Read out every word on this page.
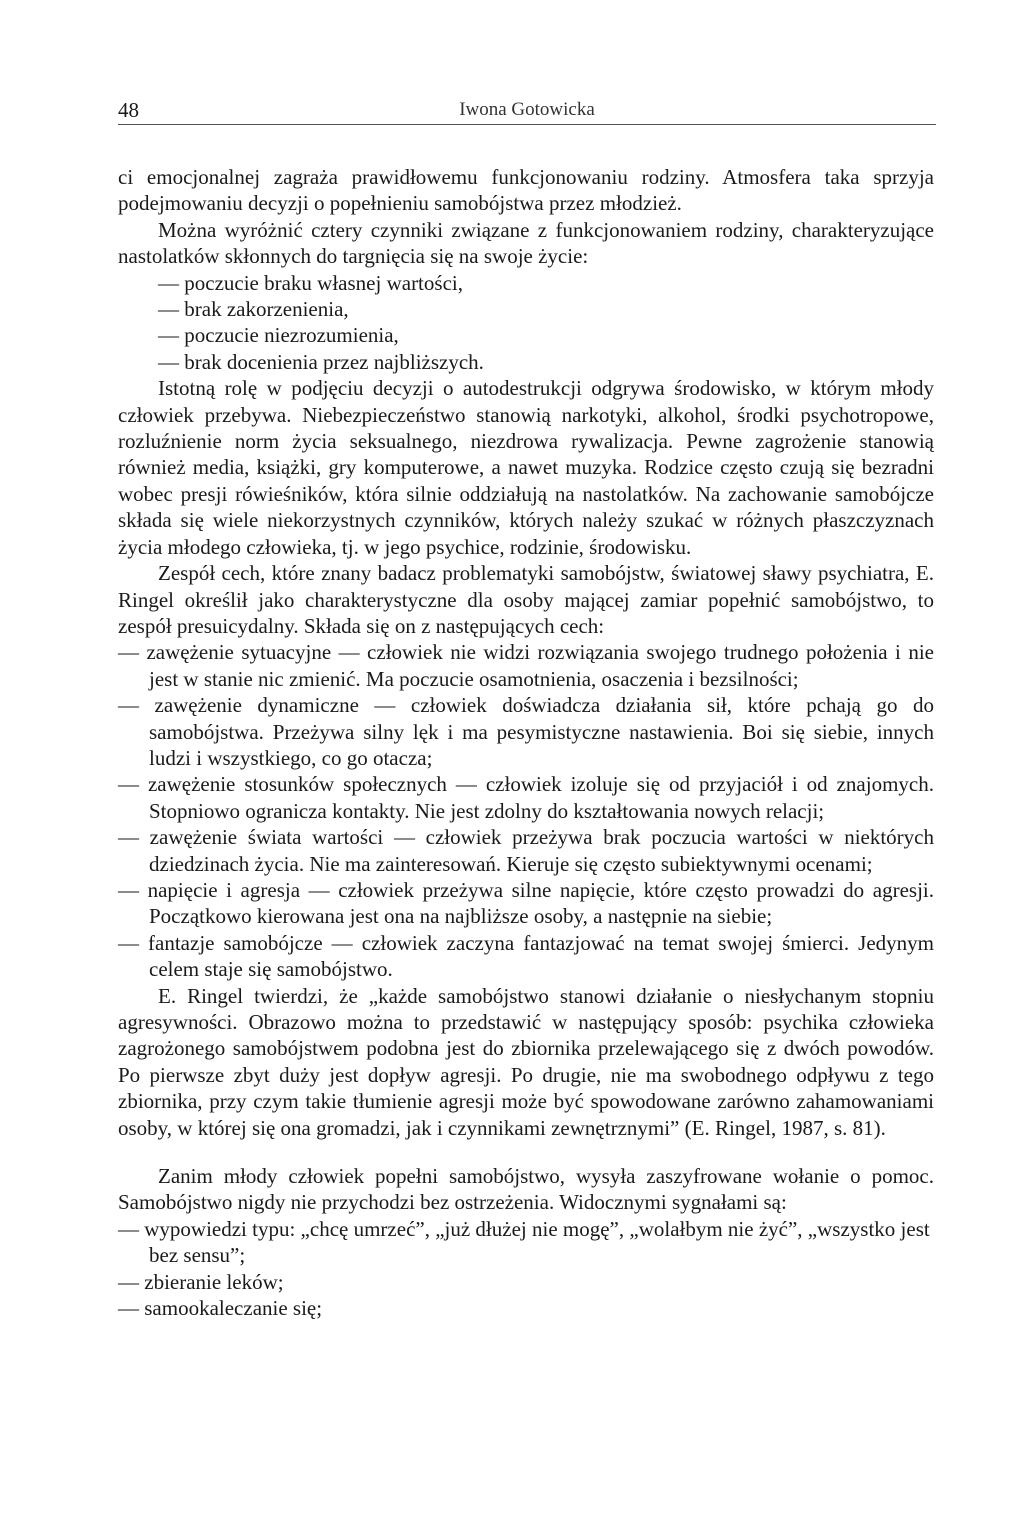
48	Iwona Gotowicka

ci emocjonalnej zagraża prawidłowemu funkcjonowaniu rodziny. Atmosfera taka sprzyja podejmowaniu decyzji o popełnieniu samobójstwa przez młodzież.

Można wyróżnić cztery czynniki związane z funkcjonowaniem rodziny, charakteryzujące nastolatków skłonnych do targnięcia się na swoje życie:

— poczucie braku własnej wartości,
— brak zakorzenienia,
— poczucie niezrozumienia,
— brak docenienia przez najbliższych.

Istotną rolę w podjęciu decyzji o autodestrukcji odgrywa środowisko, w którym młody człowiek przebywa. Niebezpieczeństwo stanowią narkotyki, alkohol, środki psychotropowe, rozluźnienie norm życia seksualnego, niezdrowa rywalizacja. Pewne zagrożenie stanowią również media, książki, gry komputerowe, a nawet muzyka. Rodzice często czują się bezradni wobec presji rówieśników, która silnie oddziałują na nastolatków. Na zachowanie samobójcze składa się wiele niekorzystnych czynników, których należy szukać w różnych płaszczyznach życia młodego człowieka, tj. w jego psychice, rodzinie, środowisku.

Zespół cech, które znany badacz problematyki samobójstw, światowej sławy psychiatra, E. Ringel określił jako charakterystyczne dla osoby mającej zamiar popełnić samobójstwo, to zespół presuicydalny. Składa się on z następujących cech:

— zawężenie sytuacyjne — człowiek nie widzi rozwiązania swojego trudnego położenia i nie jest w stanie nic zmienić. Ma poczucie osamotnienia, osaczenia i bezsilności;
— zawężenie dynamiczne — człowiek doświadcza działania sił, które pchają go do samobójstwa. Przeżywa silny lęk i ma pesymistyczne nastawienia. Boi się siebie, innych ludzi i wszystkiego, co go otacza;
— zawężenie stosunków społecznych — człowiek izoluje się od przyjaciół i od znajomych. Stopniowo ogranicza kontakty. Nie jest zdolny do kształtowania nowych relacji;
— zawężenie świata wartości — człowiek przeżywa brak poczucia wartości w niektórych dziedzinach życia. Nie ma zainteresowań. Kieruje się często subiektywnymi ocenami;
— napięcie i agresja — człowiek przeżywa silne napięcie, które często prowadzi do agresji. Początkowo kierowana jest ona na najbliższe osoby, a następnie na siebie;
— fantazje samobójcze — człowiek zaczyna fantazjować na temat swojej śmierci. Jedynym celem staje się samobójstwo.

E. Ringel twierdzi, że „każde samobójstwo stanowi działanie o niesłychanym stopniu agresywności. Obrazowo można to przedstawić w następujący sposób: psychika człowieka zagrożonego samobójstwem podobna jest do zbiornika przelewającego się z dwóch powodów. Po pierwsze zbyt duży jest dopływ agresji. Po drugie, nie ma swobodnego odpływu z tego zbiornika, przy czym takie tłumienie agresji może być spowodowane zarówno zahamowaniami osoby, w której się ona gromadzi, jak i czynnikami zewnętrznymi” (E. Ringel, 1987, s. 81).

Zanim młody człowiek popełni samobójstwo, wysyła zaszyfrowane wołanie o pomoc. Samobójstwo nigdy nie przychodzi bez ostrzeżenia. Widocznymi sygnałami są:

— wypowiedzi typu: „chcę umrzeć”, „już dłużej nie mogę”, „wolałbym nie żyć”, „wszystko jest bez sensu”;
— zbieranie leków;
— samookaleczanie się;
